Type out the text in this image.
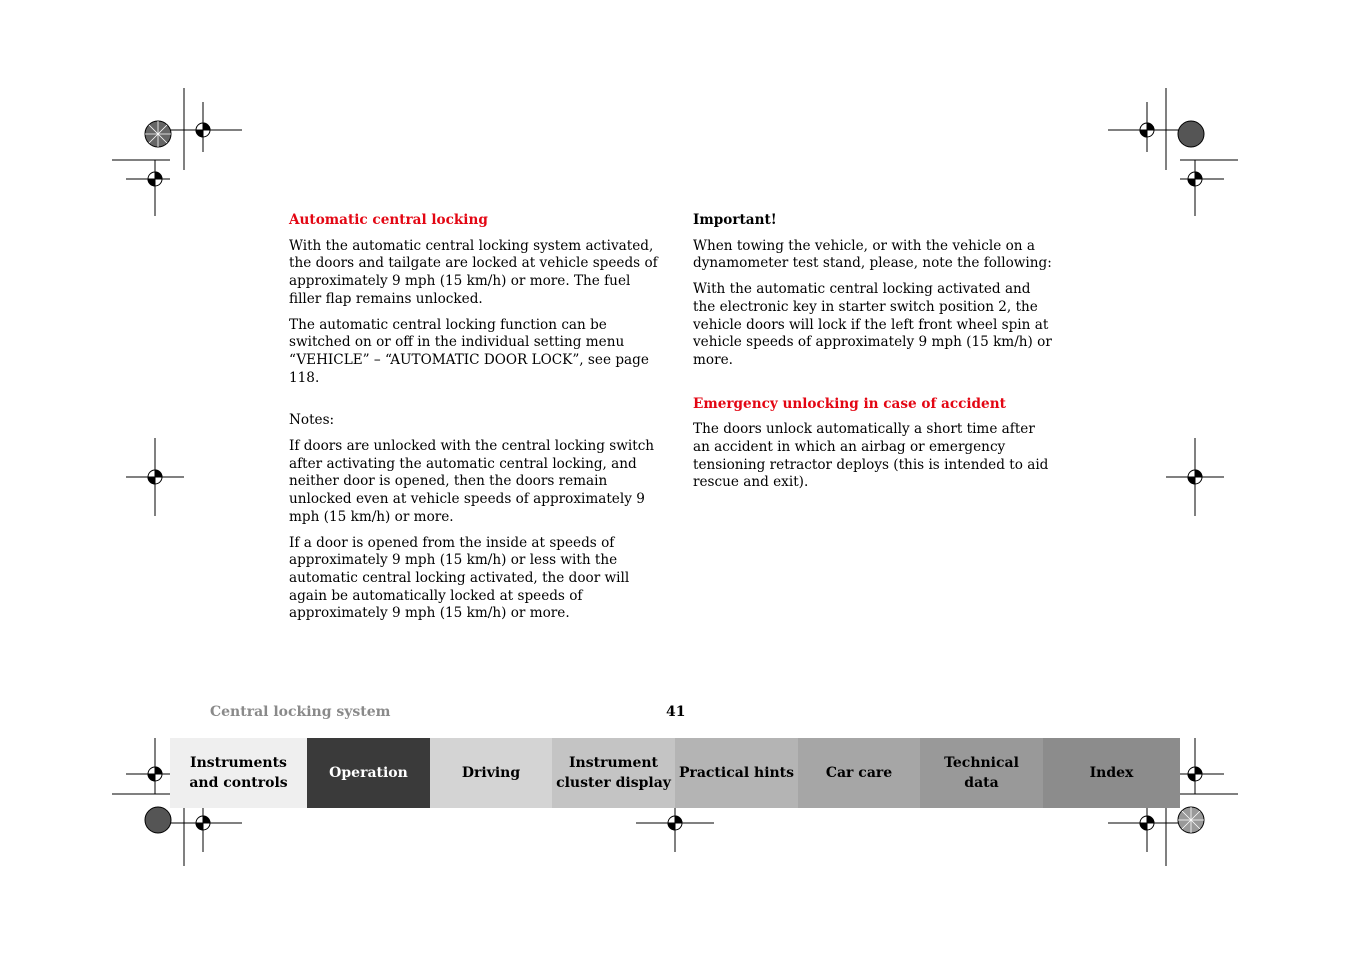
Automatic central locking

With the automatic central locking system activated, the doors and tailgate are locked at vehicle speeds of approximately 9 mph (15 km/h) or more. The fuel filler flap remains unlocked.

The automatic central locking function can be switched on or off in the individual setting menu “VEHICLE” – “AUTOMATIC DOOR LOCK”, see page 118.

Notes:

If doors are unlocked with the central locking switch after activating the automatic central locking, and neither door is opened, then the doors remain unlocked even at vehicle speeds of approximately 9 mph (15 km/h) or more.

If a door is opened from the inside at speeds of approximately 9 mph (15 km/h) or less with the automatic central locking activated, the door will again be automatically locked at speeds of approximately 9 mph (15 km/h) or more.

Important!

When towing the vehicle, or with the vehicle on a dynamometer test stand, please, note the following:

With the automatic central locking activated and the electronic key in starter switch position 2, the vehicle doors will lock if the left front wheel spin at vehicle speeds of approximately 9 mph (15 km/h) or more.

Emergency unlocking in case of accident

The doors unlock automatically a short time after an accident in which an airbag or emergency tensioning retractor deploys (this is intended to aid rescue and exit).

Central locking system	41
Instruments
and controls
Operation	Driving
Instrument
cluster display
Practical hints Car care
Technical
data
Index
